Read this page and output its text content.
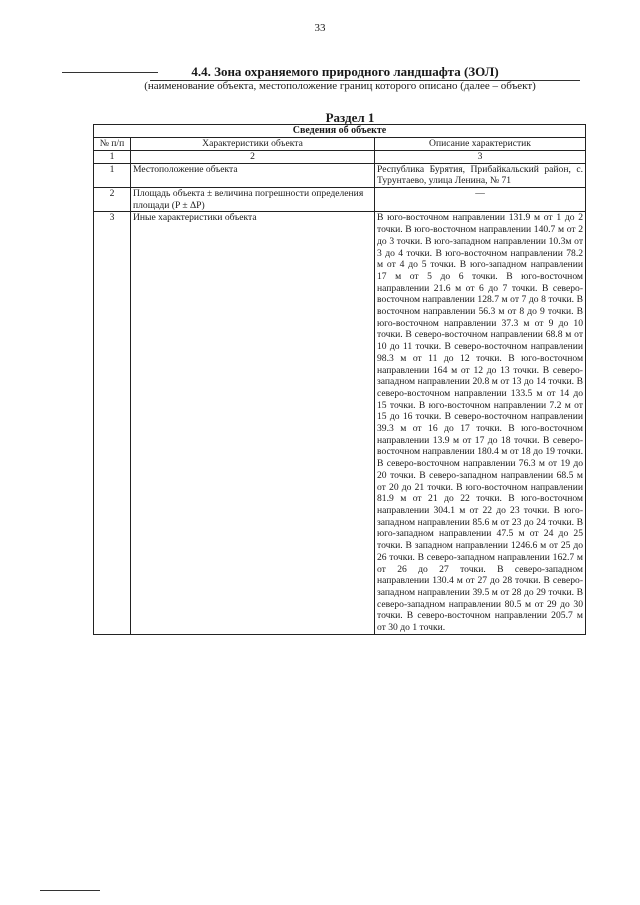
33
4.4. Зона охраняемого природного ландшафта (ЗОЛ)
(наименование объекта, местоположение границ которого описано (далее – объект)
Раздел 1
Сведения об объекте		
№ п/п	Характеристики объекта	Описание характеристик
1	2	3
1	Местоположение объекта	Республика Бурятия, Прибайкальский район, с. Турунтаево, улица Ленина, № 71
2	Площадь объекта ± величина погрешности определения площади (P ± ΔP)	—
3	Иные характеристики объекта	В юго-восточном направлении 131.9 м от 1 до 2 точки. В юго-восточном направлении 140.7 м от 2 до 3 точки. В юго-западном направлении 10.3м от 3 до 4 точки. В юго-восточном направлении 78.2 м от 4 до 5 точки. В юго-западном направлении 17 м от 5 до 6 точки. В юго-восточном направлении 21.6 м от 6 до 7 точки. В северо-восточном направлении 128.7 м от 7 до 8 точки. В восточном направлении 56.3 м от 8 до 9 точки. В юго-восточном направлении 37.3 м от 9 до 10 точки. В северо-восточном направлении 68.8 м от 10 до 11 точки. В северо-восточном направлении 98.3 м от 11 до 12 точки. В юго-восточном направлении 164 м от 12 до 13 точки. В северо-западном направлении 20.8 м от 13 до 14 точки. В северо-восточном направлении 133.5 м от 14 до 15 точки. В юго-восточном направлении 7.2 м от 15 до 16 точки. В северо-восточном направлении 39.3 м от 16 до 17 точки. В юго-восточном направлении 13.9 м от 17 до 18 точки. В северо-восточном направлении 180.4 м от 18 до 19 точки. В северо-восточном направлении 76.3 м от 19 до 20 точки. В северо-западном направлении 68.5 м от 20 до 21 точки. В юго-восточном направлении 81.9 м от 21 до 22 точки. В юго-восточном направлении 304.1 м от 22 до 23 точки. В юго-западном направлении 85.6 м от 23 до 24 точки. В юго-западном направлении 47.5 м от 24 до 25 точки. В западном направлении 1246.6 м от 25 до 26 точки. В северо-западном направлении 162.7 м от 26 до 27 точки. В северо-западном направлении 130.4 м от 27 до 28 точки. В северо-западном направлении 39.5 м от 28 до 29 точки. В северо-западном направлении 80.5 м от 29 до 30 точки. В северо-восточном направлении 205.7 м от 30 до 1 точки.
